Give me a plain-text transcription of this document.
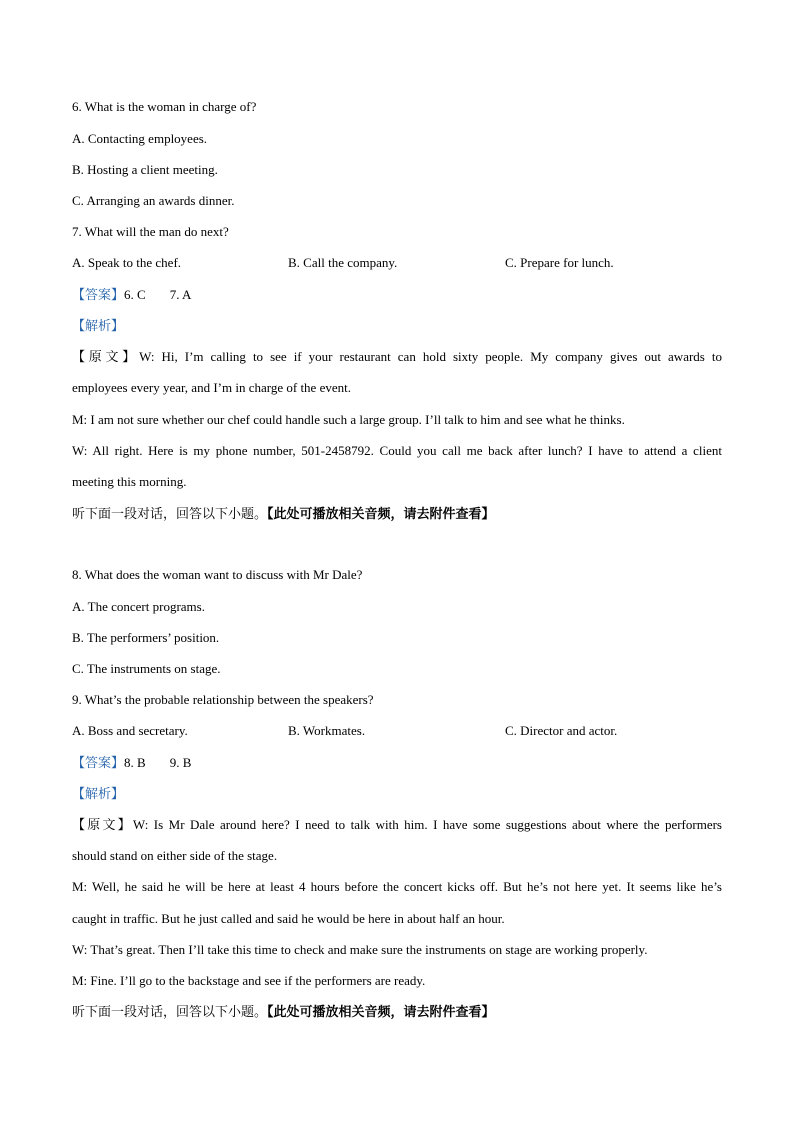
6. What is the woman in charge of?
A. Contacting employees.
B. Hosting a client meeting.
C. Arranging an awards dinner.
7. What will the man do next?
A. Speak to the chef.	B. Call the company.	C. Prepare for lunch.
【答案】6. C 7. A
【解析】
【原文】W: Hi, I’m calling to see if your restaurant can hold sixty people. My company gives out awards to
employees every year, and I’m in charge of the event.
M: I am not sure whether our chef could handle such a large group. I’ll talk to him and see what he thinks.
W: All right. Here is my phone number, 501-2458792. Could you call me back after lunch? I have to attend a client
meeting this morning.
听下面一段对话，回答以下小题。【此处可播放相关音频，请去附件查看】
8. What does the woman want to discuss with Mr Dale?
A. The concert programs.
B. The performers’ position.
C. The instruments on stage.
9. What’s the probable relationship between the speakers?
A. Boss and secretary.	B. Workmates.	C. Director and actor.
【答案】8. B 9. B
【解析】
【原文】W: Is Mr Dale around here? I need to talk with him. I have some suggestions about where the performers
should stand on either side of the stage.
M: Well, he said he will be here at least 4 hours before the concert kicks off. But he’s not here yet. It seems like he’s
caught in traffic. But he just called and said he would be here in about half an hour.
W: That’s great. Then I’ll take this time to check and make sure the instruments on stage are working properly.
M: Fine. I’ll go to the backstage and see if the performers are ready.
听下面一段对话，回答以下小题。【此处可播放相关音频，请去附件查看】
